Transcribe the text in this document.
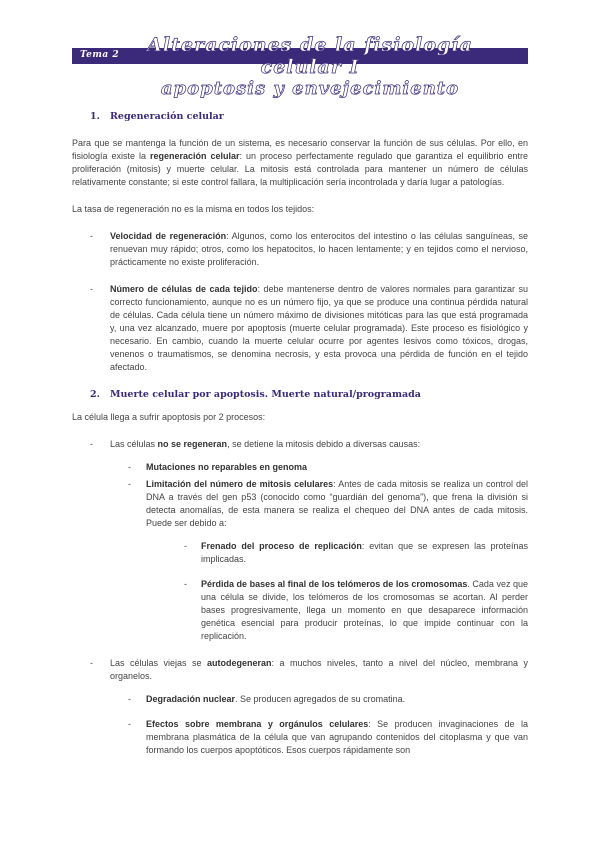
Tema 2	Alteraciones de la fisiología celular I
apoptosis y envejecimiento
1. Regeneración celular

Para que se mantenga la función de un sistema, es necesario conservar la función de sus células. Por ello, en fisiología existe la regeneración celular: un proceso perfectamente regulado que garantiza el equilibrio entre proliferación (mitosis) y muerte celular. La mitosis está controlada para mantener un número de células relativamente constante; si este control fallara, la multiplicación sería incontrolada y daría lugar a patologías.

La tasa de regeneración no es la misma en todos los tejidos:

- Velocidad de regeneración: Algunos, como los enterocitos del intestino o las células sanguíneas, se renuevan muy rápido; otros, como los hepatocitos, lo hacen lentamente; y en tejidos como el nervioso, prácticamente no existe proliferación.
- Número de células de cada tejido: debe mantenerse dentro de valores normales para garantizar su correcto funcionamiento, aunque no es un número fijo, ya que se produce una continua pérdida natural de células. Cada célula tiene un número máximo de divisiones mitóticas para las que está programada y, una vez alcanzado, muere por apoptosis (muerte celular programada). Este proceso es fisiológico y necesario. En cambio, cuando la muerte celular ocurre por agentes lesivos como tóxicos, drogas, venenos o traumatismos, se denomina necrosis, y esta provoca una pérdida de función en el tejido afectado.
2. Muerte celular por apoptosis. Muerte natural/programada

La célula llega a sufrir apoptosis por 2 procesos:

- Las células no se regeneran, se detiene la mitosis debido a diversas causas:
- Mutaciones no reparables en genoma
- Limitación del número de mitosis celulares: Antes de cada mitosis se realiza un control del DNA a través del gen p53 (conocido como “guardián del genoma”), que frena la división si detecta anomalías, de esta manera se realiza el chequeo del DNA antes de cada mitosis. Puede ser debido a:
- Frenado del proceso de replicación: evitan que se expresen las proteínas implicadas.
- Pérdida de bases al final de los telómeros de los cromosomas. Cada vez que una célula se divide, los telómeros de los cromosomas se acortan. Al perder bases progresivamente, llega un momento en que desaparece información genética esencial para producir proteínas, lo que impide continuar con la replicación.
- Las células viejas se autodegeneran: a muchos niveles, tanto a nivel del núcleo, membrana y organelos.
- Degradación nuclear. Se producen agregados de su cromatina.
- Efectos sobre membrana y orgánulos celulares: Se producen invaginaciones de la membrana plasmática de la célula que van agrupando contenidos del citoplasma y que van formando los cuerpos apoptóticos. Esos cuerpos rápidamente son
